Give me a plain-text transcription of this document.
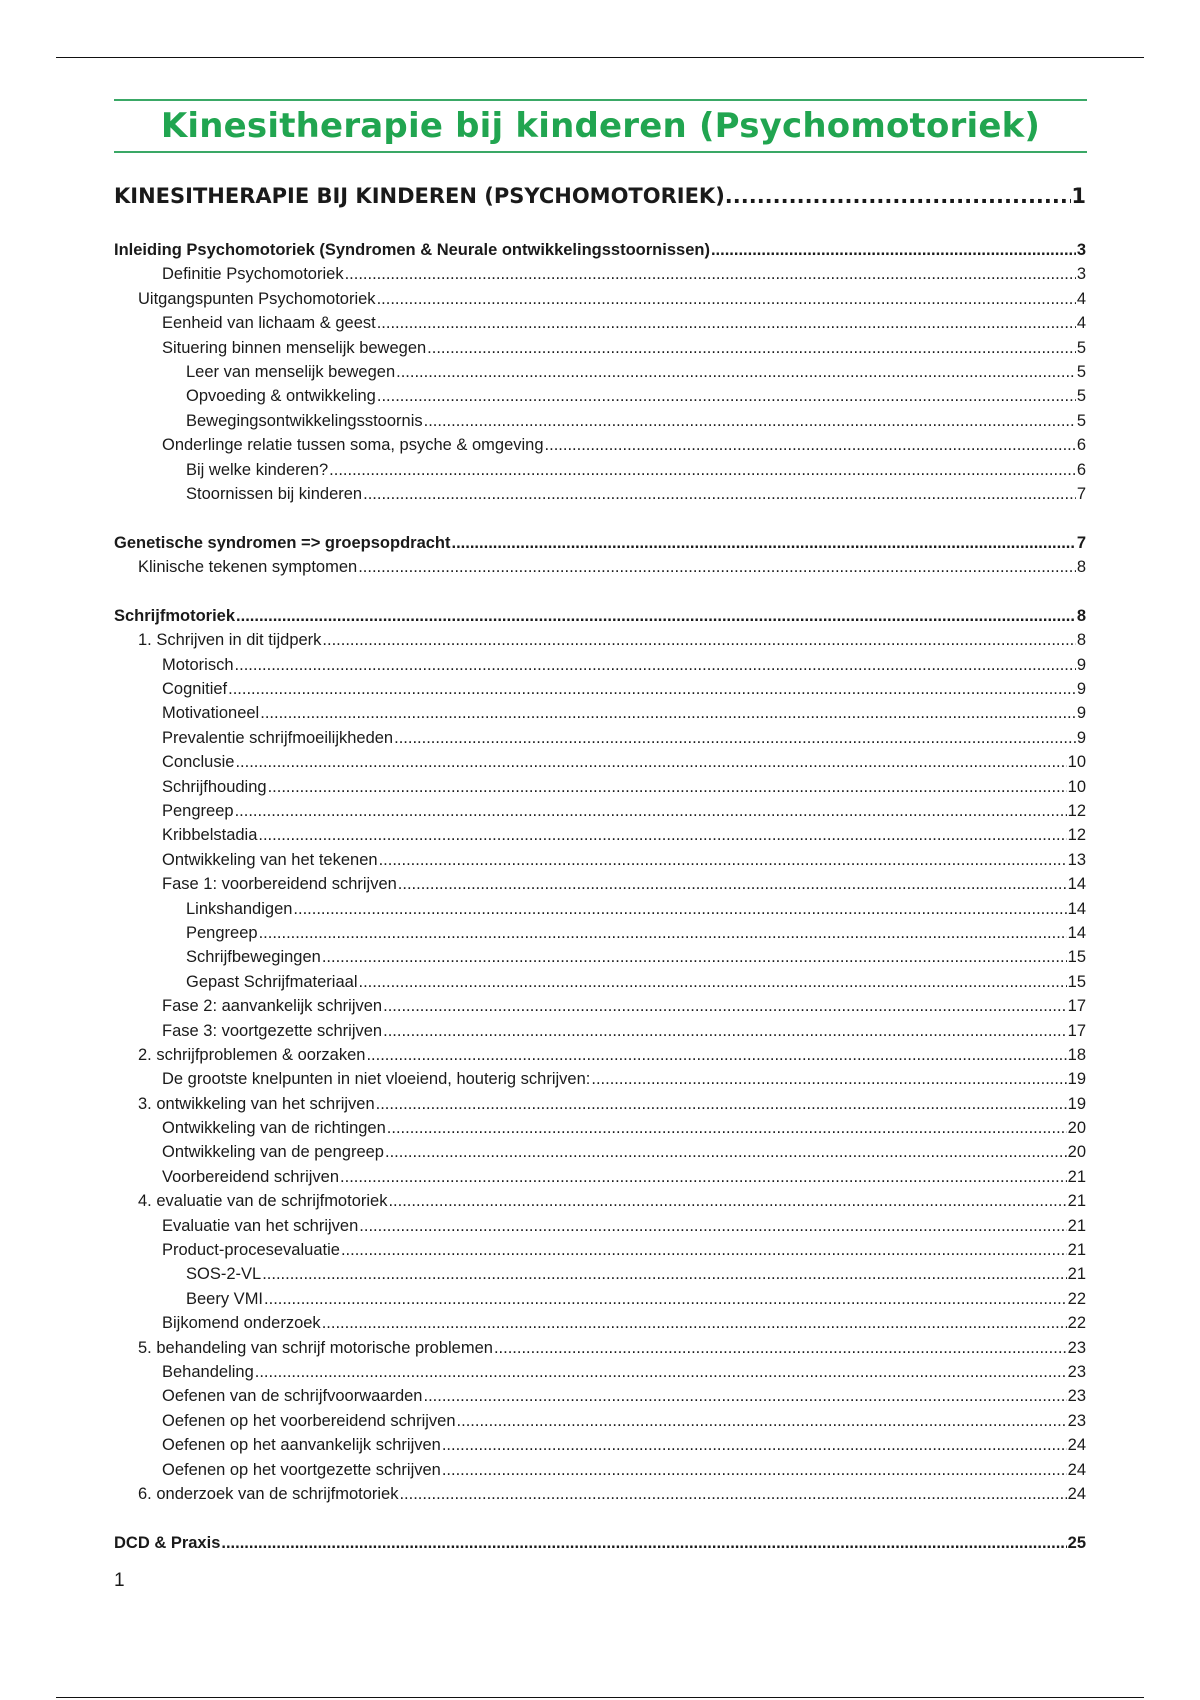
Kinesitherapie bij kinderen (Psychomotoriek)
KINESITHERAPIE BIJ KINDEREN (PSYCHOMOTORIEK) .....	1
Inleiding Psychomotoriek (Syndromen & Neurale ontwikkelingsstoornissen) .....	3
Definitie Psychomotoriek .....	3
Uitgangspunten Psychomotoriek .....	4
Eenheid van lichaam & geest .....	4
Situering binnen menselijk bewegen .....	5
Leer van menselijk bewegen .....	5
Opvoeding & ontwikkeling .....	5
Bewegingsontwikkelingsstoornis .....	5
Onderlinge relatie tussen soma, psyche & omgeving .....	6
Bij welke kinderen? .....	6
Stoornissen bij kinderen .....	7
Genetische syndromen => groepsopdracht .....	7
Klinische tekenen symptomen .....	8
Schrijfmotoriek .....	8
1. Schrijven in dit tijdperk .....	8
Motorisch .....	9
Cognitief .....	9
Motivationeel .....	9
Prevalentie schrijfmoeilijkheden .....	9
Conclusie .....	10
Schrijfhouding .....	10
Pengreep .....	12
Kribbelstadia .....	12
Ontwikkeling van het tekenen .....	13
Fase 1: voorbereidend schrijven .....	14
Linkshandigen .....	14
Pengreep .....	14
Schrijfbewegingen .....	15
Gepast Schrijfmateriaal .....	15
Fase 2: aanvankelijk schrijven .....	17
Fase 3: voortgezette schrijven .....	17
2. schrijfproblemen & oorzaken .....	18
De grootste knelpunten in niet vloeiend, houterig schrijven: .....	19
3. ontwikkeling van het schrijven .....	19
Ontwikkeling van de richtingen .....	20
Ontwikkeling van de pengreep .....	20
Voorbereidend schrijven .....	21
4. evaluatie van de schrijfmotoriek .....	21
Evaluatie van het schrijven .....	21
Product-procesevaluatie .....	21
SOS-2-VL .....	21
Beery VMI .....	22
Bijkomend onderzoek .....	22
5. behandeling van schrijf motorische problemen .....	23
Behandeling .....	23
Oefenen van de schrijfvoorwaarden .....	23
Oefenen op het voorbereidend schrijven .....	23
Oefenen op het aanvankelijk schrijven .....	24
Oefenen op het voortgezette schrijven .....	24
6. onderzoek van de schrijfmotoriek .....	24
DCD & Praxis .....	25
1
